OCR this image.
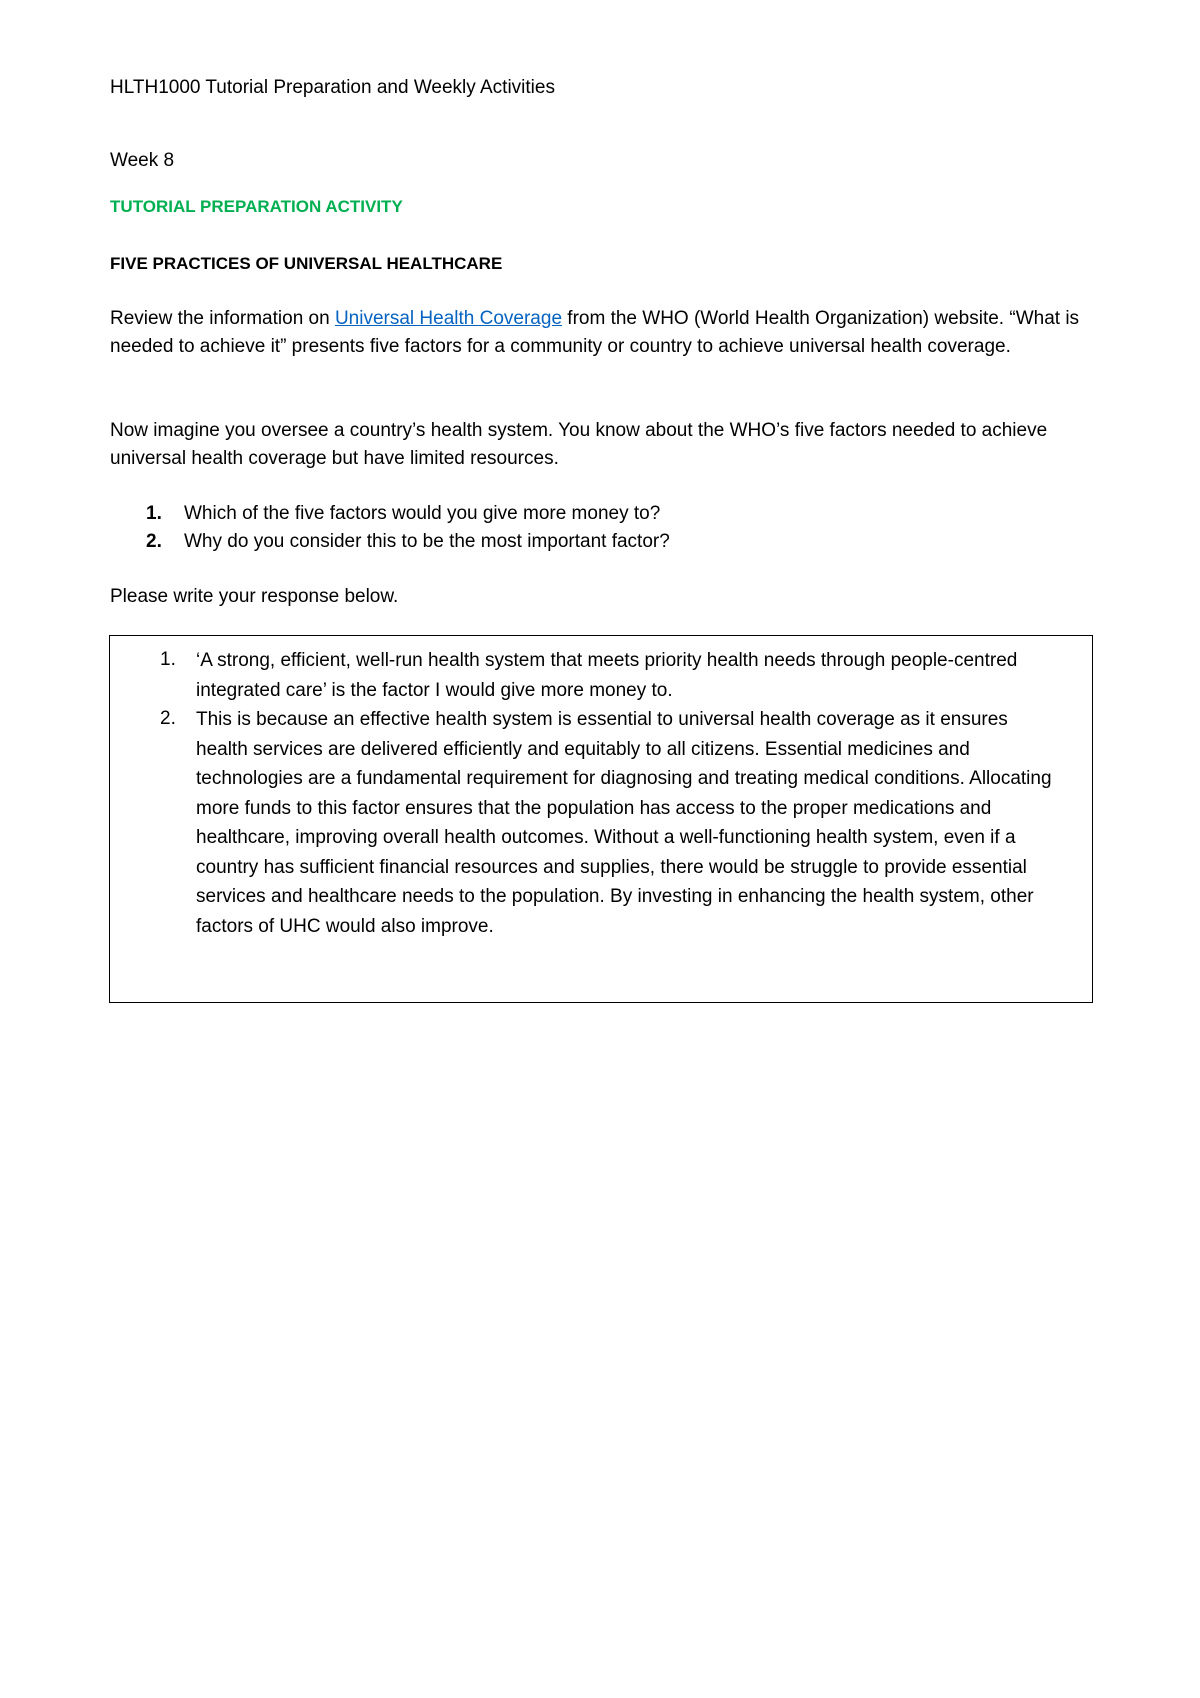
HLTH1000 Tutorial Preparation and Weekly Activities
Week 8
TUTORIAL PREPARATION ACTIVITY
FIVE PRACTICES OF UNIVERSAL HEALTHCARE
Review the information on Universal Health Coverage from the WHO (World Health Organization) website. “What is needed to achieve it” presents five factors for a community or country to achieve universal health coverage.
Now imagine you oversee a country’s health system. You know about the WHO’s five factors needed to achieve universal health coverage but have limited resources.
1. Which of the five factors would you give more money to?
2. Why do you consider this to be the most important factor?
Please write your response below.
1. ‘A strong, efficient, well-run health system that meets priority health needs through people-centred integrated care’ is the factor I would give more money to.
2. This is because an effective health system is essential to universal health coverage as it ensures health services are delivered efficiently and equitably to all citizens. Essential medicines and technologies are a fundamental requirement for diagnosing and treating medical conditions. Allocating more funds to this factor ensures that the population has access to the proper medications and healthcare, improving overall health outcomes. Without a well-functioning health system, even if a country has sufficient financial resources and supplies, there would be struggle to provide essential services and healthcare needs to the population. By investing in enhancing the health system, other factors of UHC would also improve.
